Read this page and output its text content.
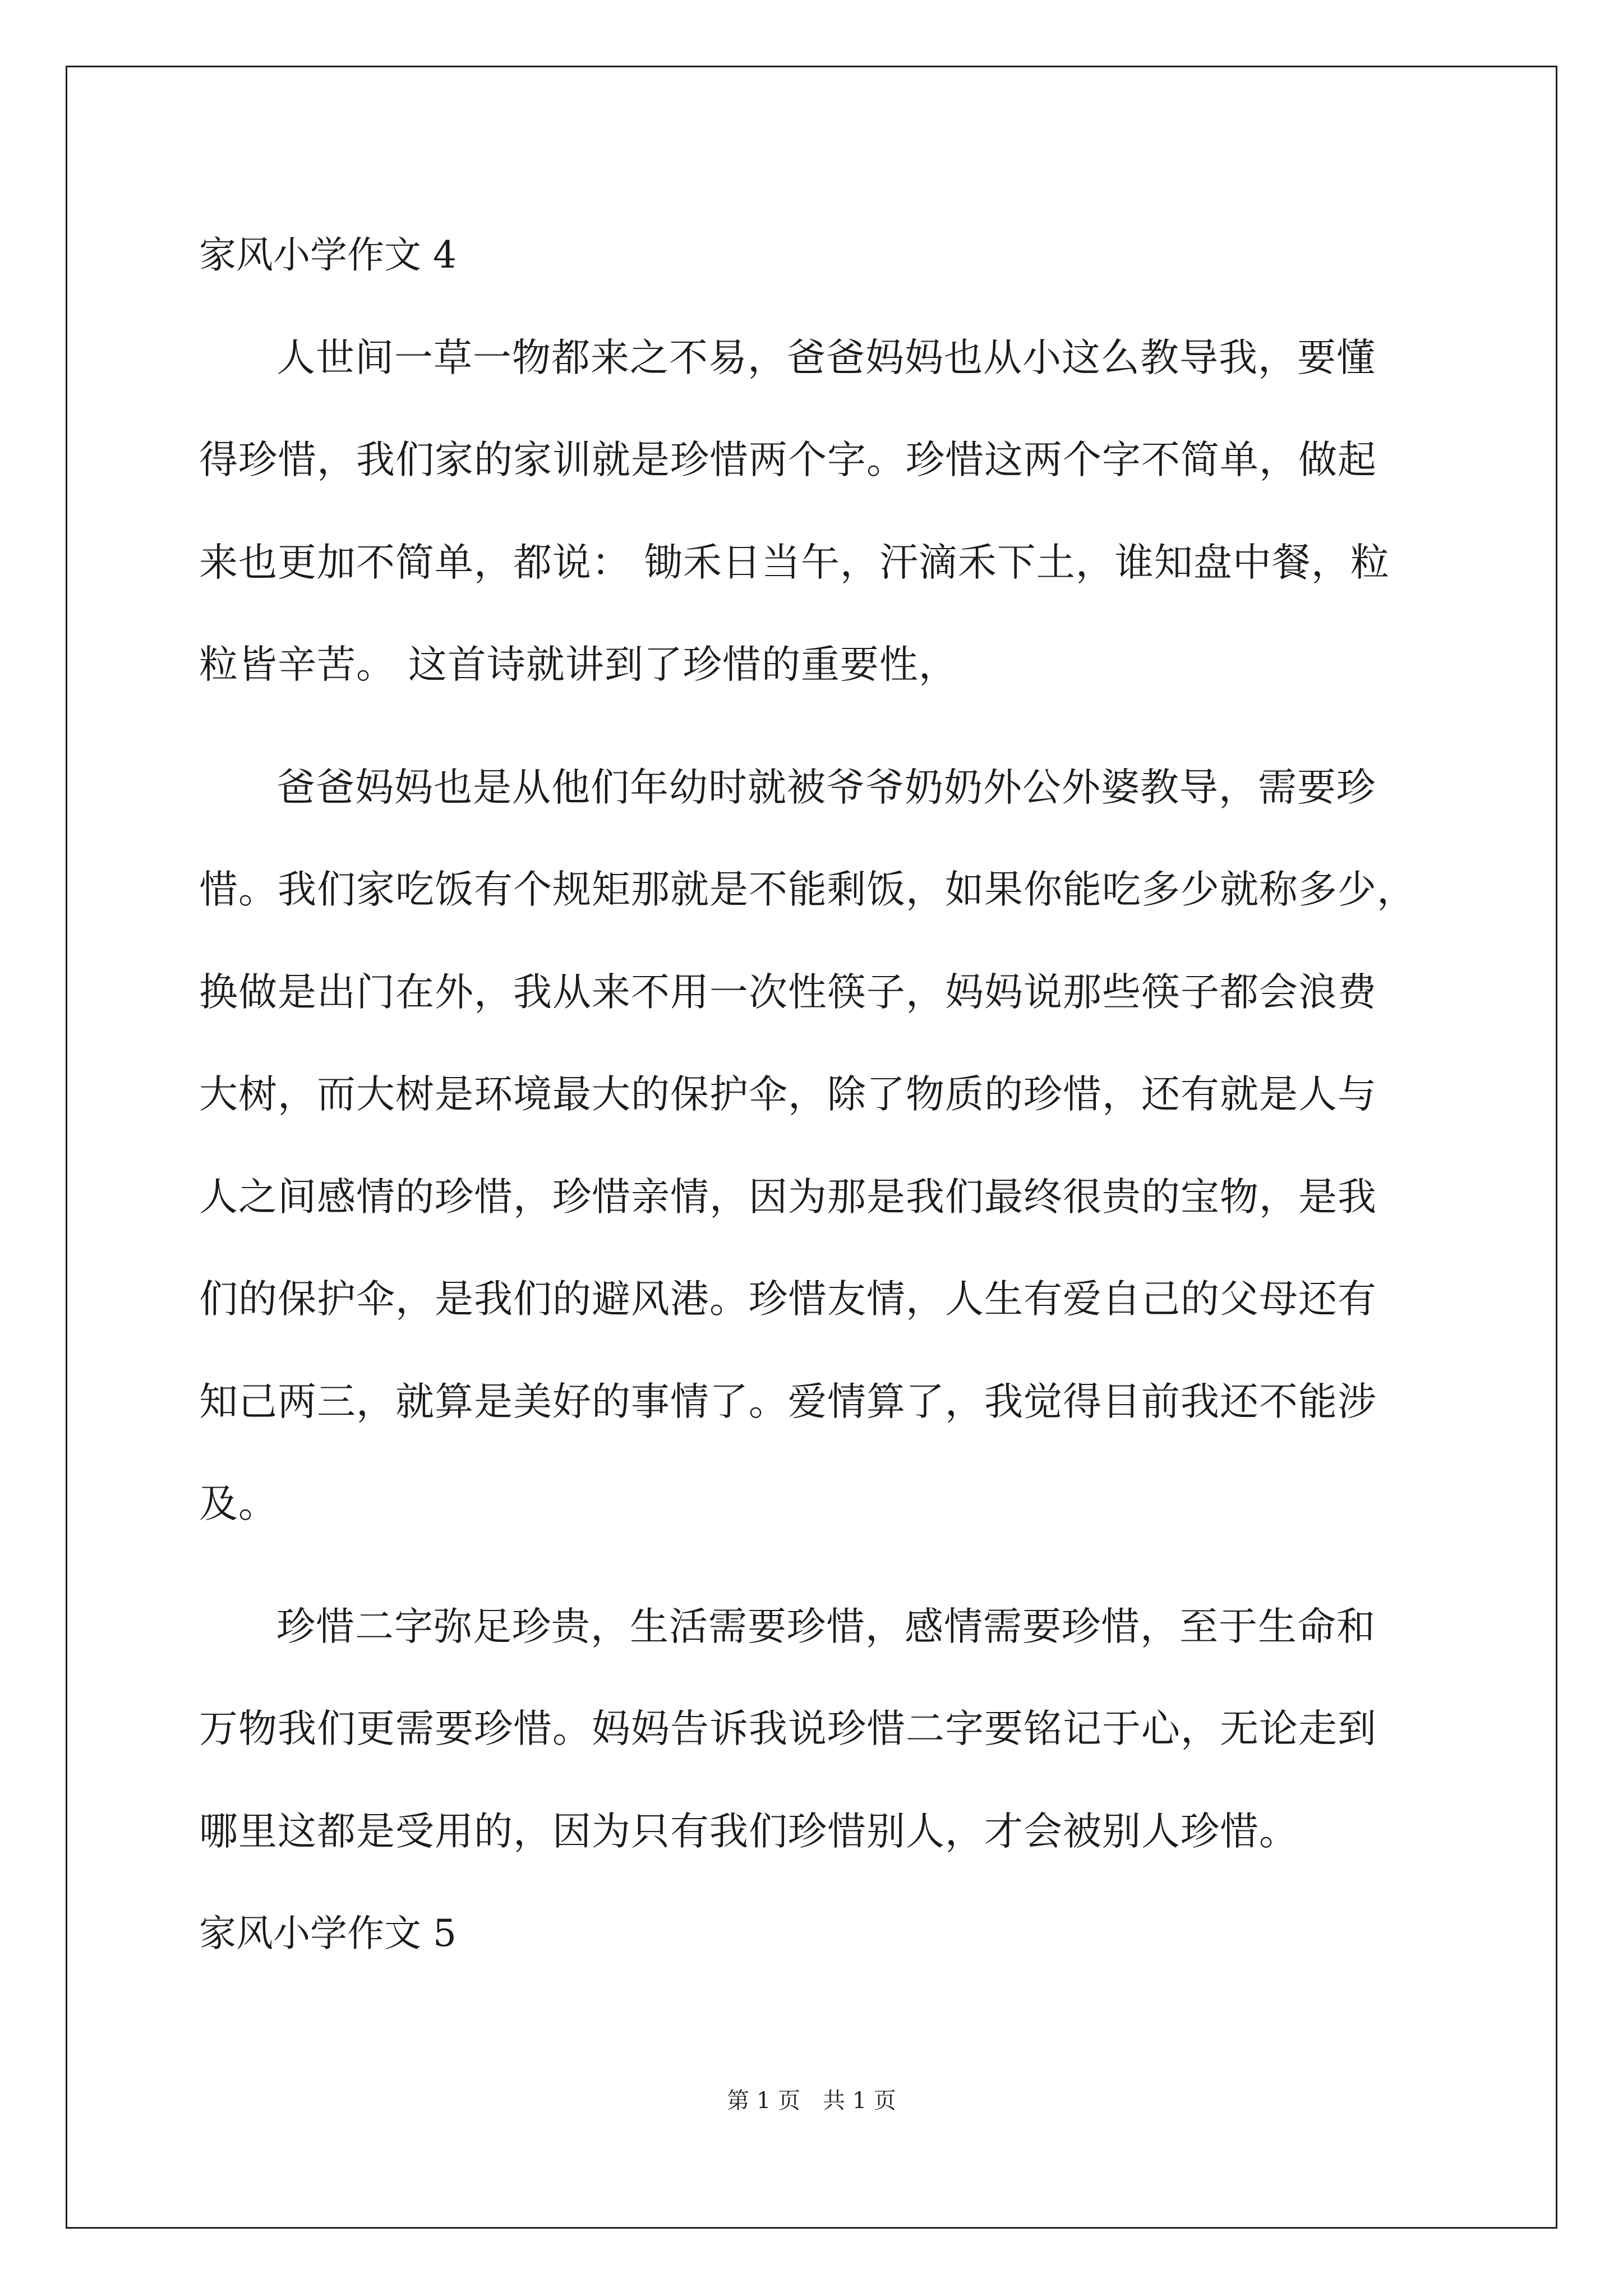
家风小学作文 4
人世间一草一物都来之不易，爸爸妈妈也从小这么教导我，要懂
得珍惜，我们家的家训就是珍惜两个字。珍惜这两个字不简单，做起
来也更加不简单，都说： 锄禾日当午，汗滴禾下土，谁知盘中餐，粒
粒皆辛苦。 这首诗就讲到了珍惜的重要性，
爸爸妈妈也是从他们年幼时就被爷爷奶奶外公外婆教导，需要珍
惜。我们家吃饭有个规矩那就是不能剩饭，如果你能吃多少就称多少，
换做是出门在外，我从来不用一次性筷子，妈妈说那些筷子都会浪费
大树，而大树是环境最大的保护伞，除了物质的珍惜，还有就是人与
人之间感情的珍惜，珍惜亲情，因为那是我们最终很贵的宝物，是我
们的保护伞，是我们的避风港。珍惜友情，人生有爱自己的父母还有
知己两三，就算是美好的事情了。爱情算了，我觉得目前我还不能涉
及。
珍惜二字弥足珍贵，生活需要珍惜，感情需要珍惜，至于生命和
万物我们更需要珍惜。妈妈告诉我说珍惜二字要铭记于心，无论走到
哪里这都是受用的，因为只有我们珍惜别人，才会被别人珍惜。
家风小学作文 5
第 1 页　共 1 页
